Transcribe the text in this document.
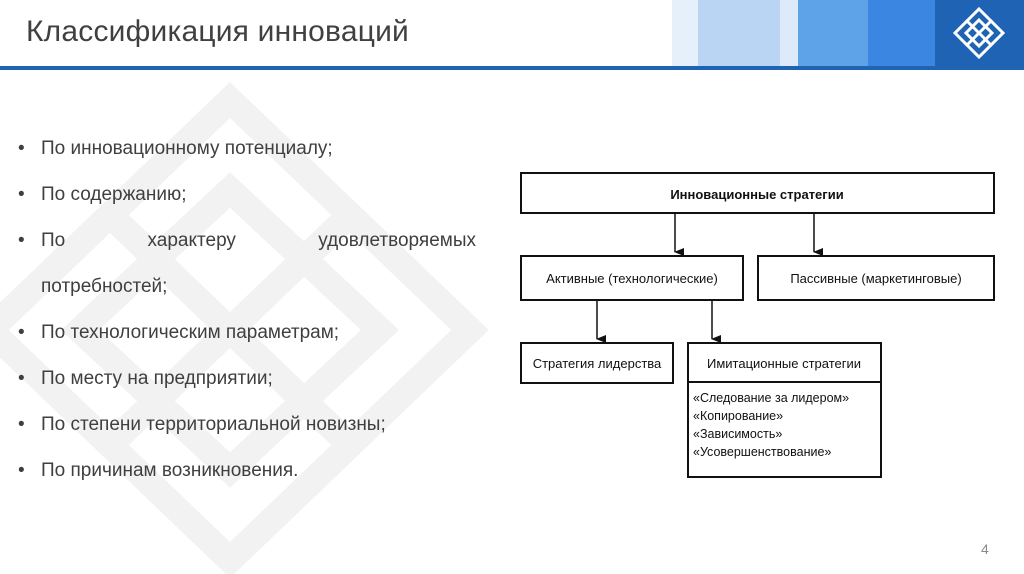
Классификация инноваций
• По инновационному потенциалу;
• По содержанию;
• По	характеру	удовлетворяемых
потребностей;
• По технологическим параметрам;
• По месту на предприятии;
• По степени территориальной новизны;
• По причинам возникновения.
Инновационные стратегии
Активные (технологические)	Пассивные (маркетинговые)
Стратегия лидерства	Имитационные стратегии
«Следование за лидером»
«Копирование»
«Зависимость»
«Усовершенствование»
4
